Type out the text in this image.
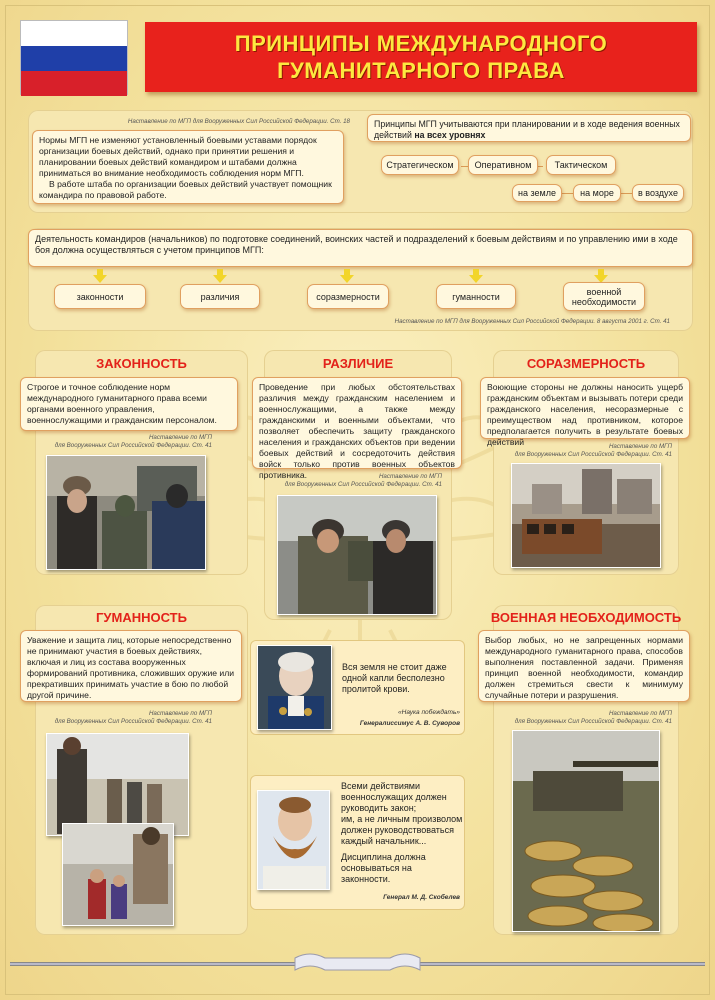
ПРИНЦИПЫ МЕЖДУНАРОДНОГО
ГУМАНИТАРНОГО ПРАВА
Наставление по МГП для Вооруженных Сил Российской Федерации. Ст. 18
Нормы МГП не изменяют установленный боевыми уставами порядок организации боевых действий, однако при принятии решения и планировании боевых действий командиром и штабами должна приниматься во внимание необходимость соблюдения норм МГП.
В работе штаба по организации боевых действий участвует помощник командира по правовой работе.
Принципы МГП учитываются при планировании и в ходе ведения военных действий на всех уровнях
Стратегическом	Оперативном	Тактическом
на земле	на море	в воздухе
Деятельность командиров (начальников) по подготовке соединений, воинских частей и подразделений к боевым действиям и по управлению ими в ходе боя должна осуществляться с учетом принципов МГП:
законности	различия	соразмерности	гуманности	военной необходимости
Наставление по МГП для Вооруженных Сил Российской Федерации. 8 августа 2001 г. Ст. 41
ЗАКОННОСТЬ
Строгое и точное соблюдение норм международного гуманитарного права всеми органами военного управления, военнослужащими и гражданским персоналом.
Наставление по МГП
для Вооруженных Сил Российской Федерации. Ст. 41
РАЗЛИЧИЕ
Проведение при любых обстоятельствах различия между гражданским населением и военнослужащими, а также между гражданскими и военными объектами, что позволяет обеспечить защиту гражданского населения и гражданских объектов при ведении боевых действий и сосредоточить действия войск только против военных объектов противника.	Наставление по МГП
для Вооруженных Сил Российской Федерации. Ст. 41
СОРАЗМЕРНОСТЬ
Воюющие стороны не должны наносить ущерб гражданским объектам и вызывать потери среди гражданского населения, несоразмерные с преимуществом над противником, которое предполагается получить в результате боевых действий	Наставление по МГП
для Вооруженных Сил Российской Федерации. Ст. 41
ГУМАННОСТЬ
Уважение и защита лиц, которые непосредственно не принимают участия в боевых действиях, включая и лиц из состава вооруженных формирований противника, сложивших оружие или прекративших принимать участие в бою по любой другой причине.
Наставление по МГП
для Вооруженных Сил Российской Федерации. Ст. 41
ВОЕННАЯ НЕОБХОДИМОСТЬ
Выбор любых, но не запрещенных нормами международного гуманитарного права, способов выполнения поставленной задачи. Применяя принцип военной необходимости, командир должен стремиться свести к минимуму случайные потери и разрушения.
Наставление по МГП
для Вооруженных Сил Российской Федерации. Ст. 41
Вся земля не стоит даже одной капли бесполезно пролитой крови.
«Наука побеждать»
Генералиссимус А. В. Суворов
Всеми действиями военнослужащих должен руководить закон;
им, а не личным произволом должен руководствоваться каждый начальник...
Дисциплина должна основываться на законности.
Генерал М. Д. Скобелев
